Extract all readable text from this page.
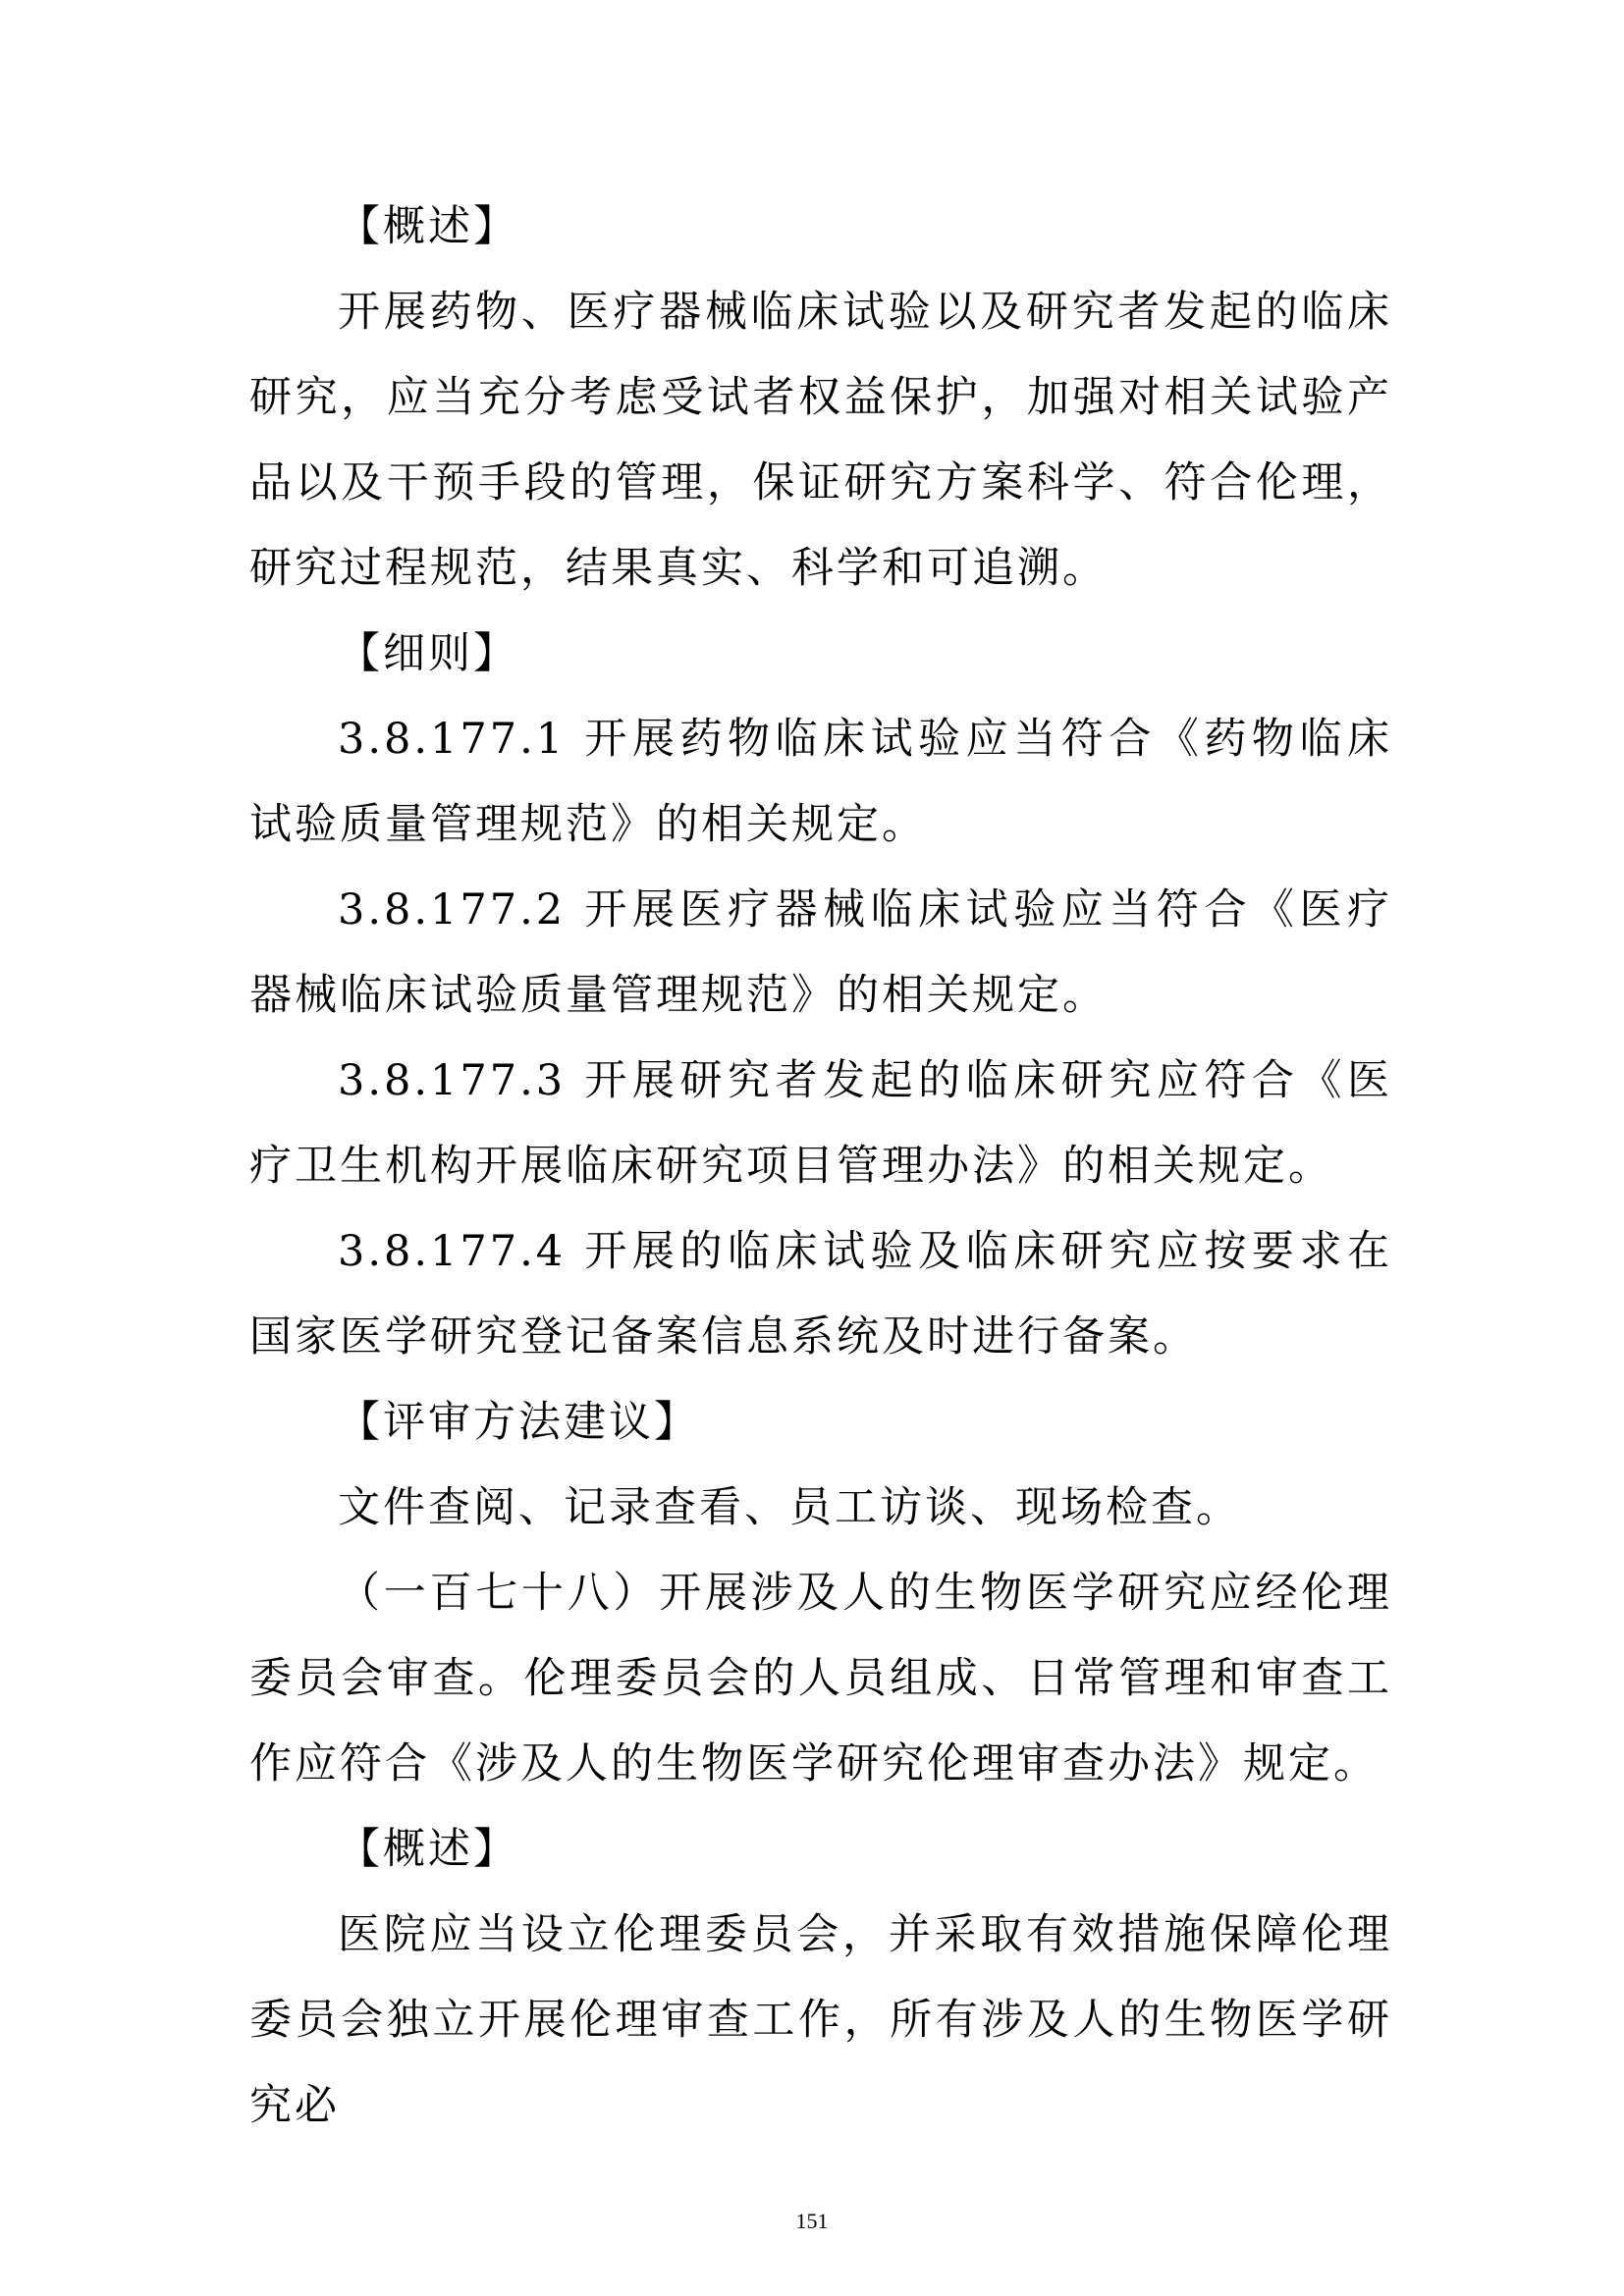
【概述】

开展药物、医疗器械临床试验以及研究者发起的临床研究，应当充分考虑受试者权益保护，加强对相关试验产品以及干预手段的管理，保证研究方案科学、符合伦理，研究过程规范，结果真实、科学和可追溯。

【细则】

3.8.177.1 开展药物临床试验应当符合《药物临床试验质量管理规范》的相关规定。

3.8.177.2 开展医疗器械临床试验应当符合《医疗器械临床试验质量管理规范》的相关规定。

3.8.177.3 开展研究者发起的临床研究应符合《医疗卫生机构开展临床研究项目管理办法》的相关规定。

3.8.177.4 开展的临床试验及临床研究应按要求在国家医学研究登记备案信息系统及时进行备案。

【评审方法建议】

文件查阅、记录查看、员工访谈、现场检查。

（一百七十八）开展涉及人的生物医学研究应经伦理委员会审查。伦理委员会的人员组成、日常管理和审查工作应符合《涉及人的生物医学研究伦理审查办法》规定。

【概述】

医院应当设立伦理委员会，并采取有效措施保障伦理委员会独立开展伦理审查工作，所有涉及人的生物医学研究必

151
